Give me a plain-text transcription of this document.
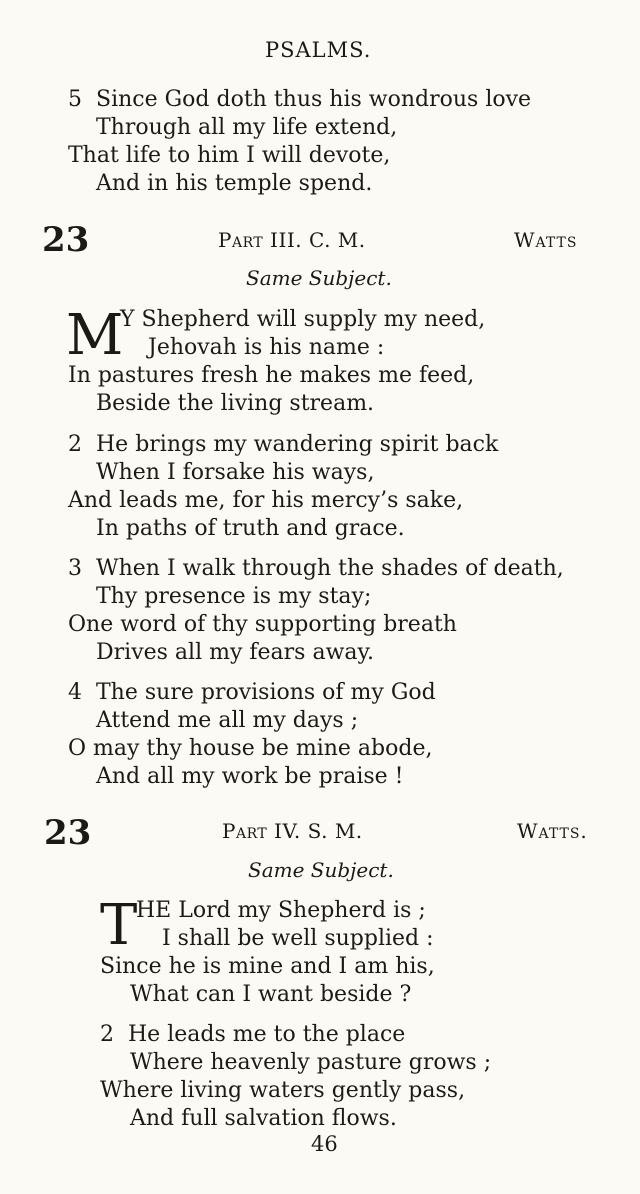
PSALMS.
5 Since God doth thus his wondrous love
Through all my life extend,
That life to him I will devote,
And in his temple spend.
23	Part III. C. M.	Watts
Same Subject.
M
Y Shepherd will supply my need,
Jehovah is his name :
In pastures fresh he makes me feed,
Beside the living stream.
2 He brings my wandering spirit back
When I forsake his ways,
And leads me, for his mercy’s sake,
In paths of truth and grace.
3 When I walk through the shades of death,
Thy presence is my stay;
One word of thy supporting breath
Drives all my fears away.
4 The sure provisions of my God
Attend me all my days ;
O may thy house be mine abode,
And all my work be praise !
23	Part IV. S. M.	Watts.
Same Subject.
T
HE Lord my Shepherd is ;
I shall be well supplied :
Since he is mine and I am his,
What can I want beside ?
2 He leads me to the place
Where heavenly pasture grows ;
Where living waters gently pass,
And full salvation flows.
46
